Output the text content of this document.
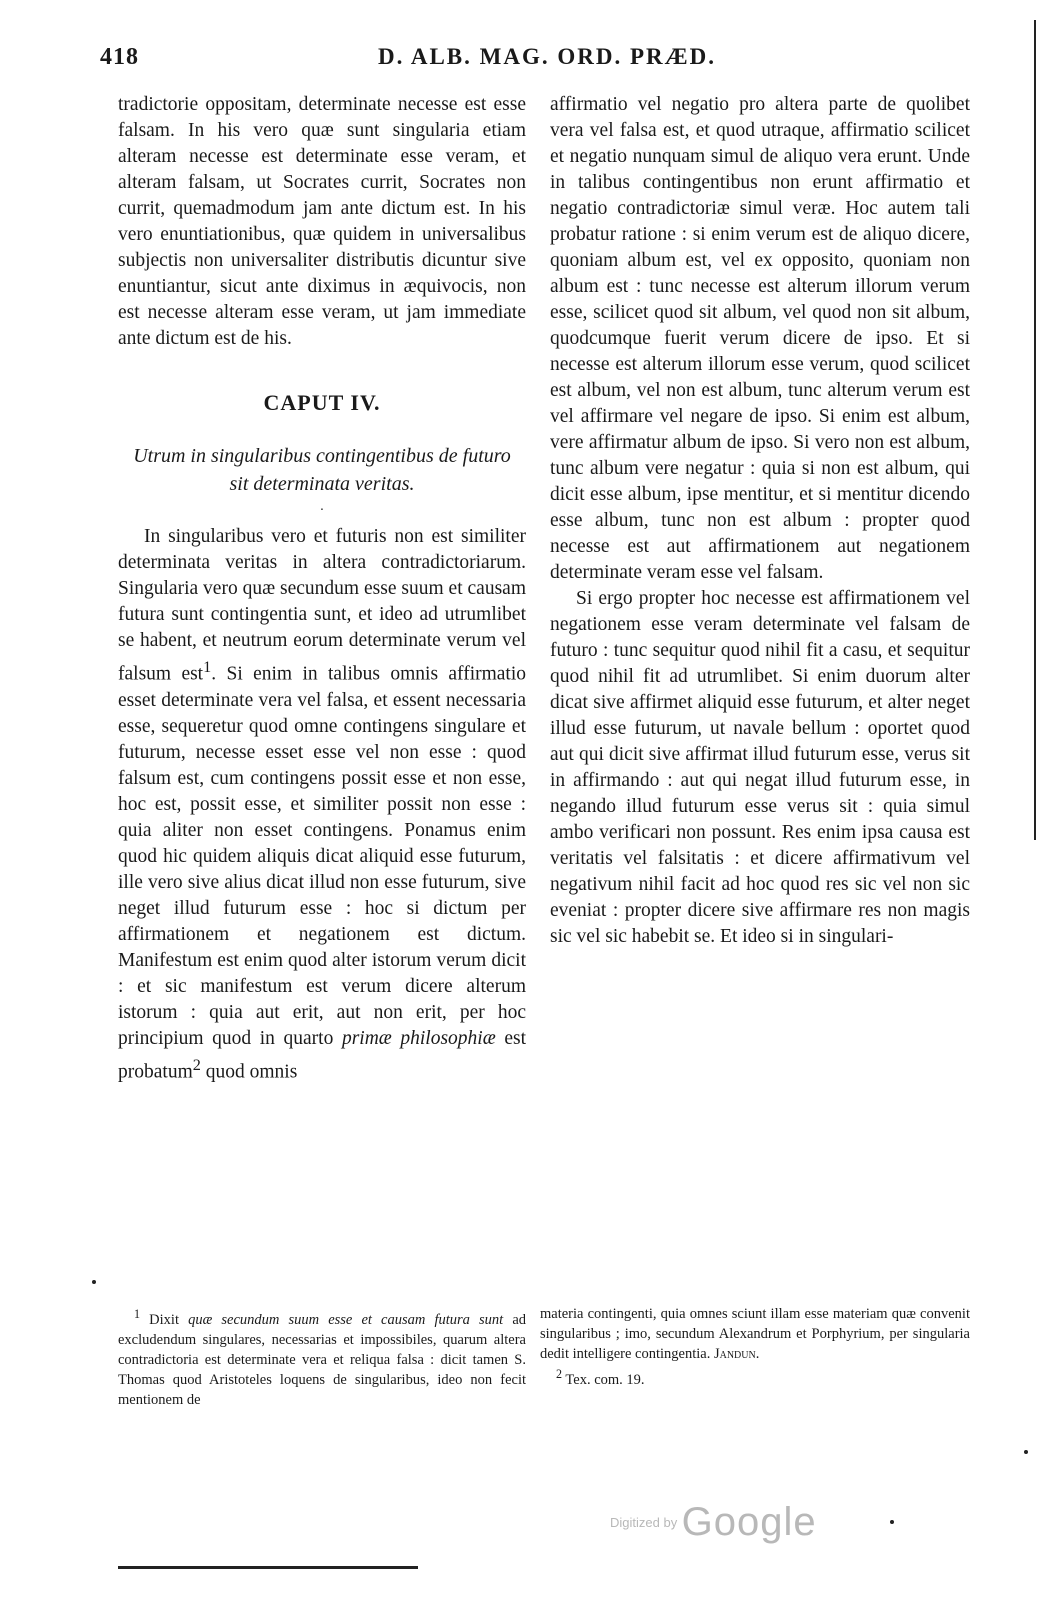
418	D. ALB. MAG. ORD. PRÆD.

tradictorie oppositam, determinate necesse est esse falsam. In his vero quæ sunt singularia etiam alteram necesse est determinate esse veram, et alteram falsam, ut Socrates currit, Socrates non currit, quemadmodum jam ante dictum est. In his vero enuntiationibus, quæ quidem in universalibus subjectis non universaliter distributis dicuntur sive enuntiantur, sicut ante diximus in æquivocis, non est necesse alteram esse veram, ut jam immediate ante dictum est de his.

CAPUT IV.
Utrum in singularibus contingentibus de futuro sit determinata veritas.
·

In singularibus vero et futuris non est similiter determinata veritas in altera contradictoriarum. Singularia vero quæ secundum esse suum et causam futura sunt contingentia sunt, et ideo ad utrumlibet se habent, et neutrum eorum determinate verum vel falsum est$^1$. Si enim in talibus omnis affirmatio esset determinate vera vel falsa, et essent necessaria esse, sequeretur quod omne contingens singulare et futurum, necesse esset esse vel non esse : quod falsum est, cum contingens possit esse et non esse, hoc est, possit esse, et similiter possit non esse : quia aliter non esset contingens. Ponamus enim quod hic quidem aliquis dicat aliquid esse futurum, ille vero sive alius dicat illud non esse futurum, sive neget illud futurum esse : hoc si dictum per affirmationem et negationem est dictum. Manifestum est enim quod alter istorum verum dicit : et sic manifestum est verum dicere alterum istorum : quia aut erit, aut non erit, per hoc principium quod in quarto primæ philosophiæ est probatum$^2$ quod omnis

affirmatio vel negatio pro altera parte de quolibet vera vel falsa est, et quod utraque, affirmatio scilicet et negatio nunquam simul de aliquo vera erunt. Unde in talibus contingentibus non erunt affirmatio et negatio contradictoriæ simul veræ. Hoc autem tali probatur ratione : si enim verum est de aliquo dicere, quoniam album est, vel ex opposito, quoniam non album est : tunc necesse est alterum illorum verum esse, scilicet quod sit album, vel quod non sit album, quodcumque fuerit verum dicere de ipso. Et si necesse est alterum illorum esse verum, quod scilicet est album, vel non est album, tunc alterum verum est vel affirmare vel negare de ipso. Si enim est album, vere affirmatur album de ipso. Si vero non est album, tunc album vere negatur : quia si non est album, qui dicit esse album, ipse mentitur, et si mentitur dicendo esse album, tunc non est album : propter quod necesse est aut affirmationem aut negationem determinate veram esse vel falsam.

Si ergo propter hoc necesse est affirmationem vel negationem esse veram determinate vel falsam de futuro : tunc sequitur quod nihil fit a casu, et sequitur quod nihil fit ad utrumlibet. Si enim duorum alter dicat sive affirmet aliquid esse futurum, et alter neget illud esse futurum, ut navale bellum : oportet quod aut qui dicit sive affirmat illud futurum esse, verus sit in affirmando : aut qui negat illud futurum esse, in negando illud futurum esse verus sit : quia simul ambo verificari non possunt. Res enim ipsa causa est veritatis vel falsitatis : et dicere affirmativum vel negativum nihil facit ad hoc quod res sic vel non sic eveniat : propter dicere sive affirmare res non magis sic vel sic habebit se. Et ideo si in singulari-

$^1$ Dixit quæ secundum suum esse et causam futura sunt ad excludendum singulares, necessarias et impossibiles, quarum altera contradictoria est determinate vera et reliqua falsa : dicit tamen S. Thomas quod Aristoteles loquens de singularibus, ideo non fecit mentionem de

materia contingenti, quia omnes sciunt illam esse materiam quæ convenit singularibus ; imo, secundum Alexandrum et Porphyrium, per singularia dedit intelligere contingentia. Jandun.

$^2$ Tex. com. 19.

Digitized by Google
